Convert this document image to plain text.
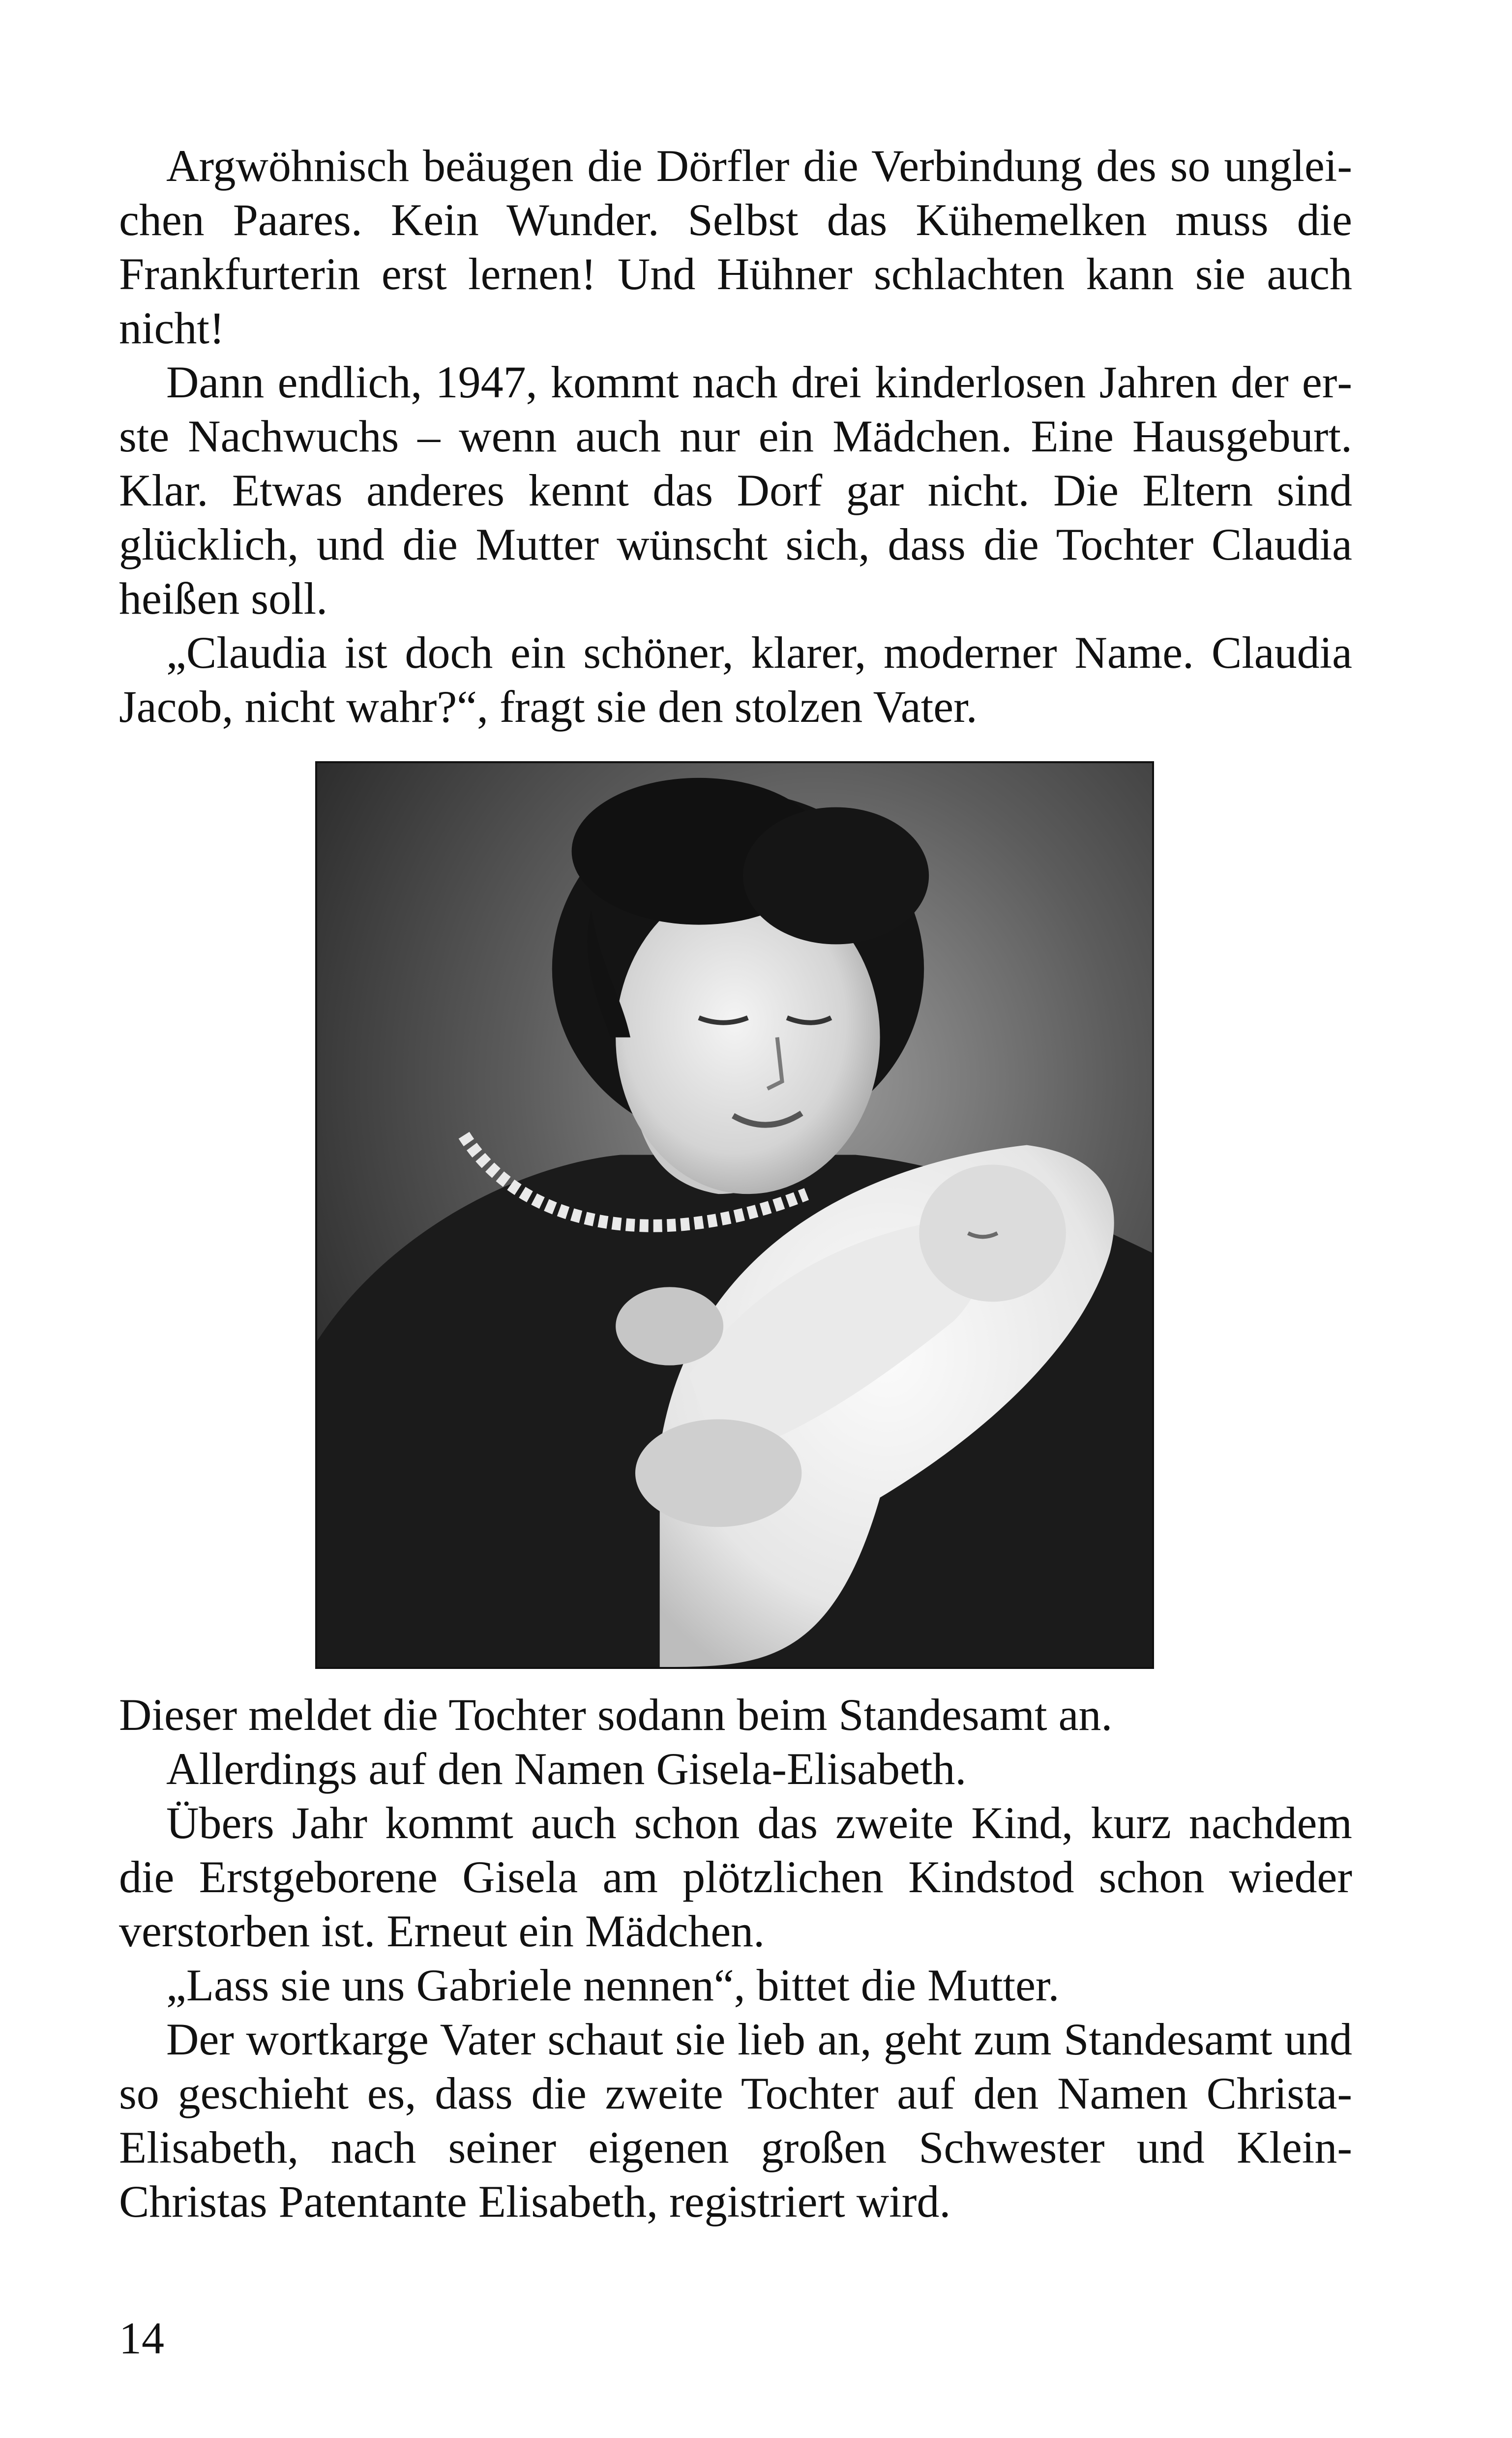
Argwöhnisch beäugen die Dörfler die Verbindung des so ungleichen Paares. Kein Wunder. Selbst das Kühemelken muss die Frankfurterin erst lernen! Und Hühner schlachten kann sie auch nicht!

Dann endlich, 1947, kommt nach drei kinderlosen Jahren der erste Nachwuchs – wenn auch nur ein Mädchen. Eine Hausgeburt. Klar. Etwas anderes kennt das Dorf gar nicht. Die Eltern sind glücklich, und die Mutter wünscht sich, dass die Tochter Claudia heißen soll.

„Claudia ist doch ein schöner, klarer, moderner Name. Claudia Jacob, nicht wahr?“, fragt sie den stolzen Vater.

Dieser meldet die Tochter sodann beim Standesamt an.

Allerdings auf den Namen Gisela-Elisabeth.

Übers Jahr kommt auch schon das zweite Kind, kurz nachdem die Erstgeborene Gisela am plötzlichen Kindstod schon wieder verstorben ist. Erneut ein Mädchen.

„Lass sie uns Gabriele nennen“, bittet die Mutter.

Der wortkarge Vater schaut sie lieb an, geht zum Standesamt und so geschieht es, dass die zweite Tochter auf den Namen Christa-Elisabeth, nach seiner eigenen großen Schwester und Klein-Christas Patentante Elisabeth, registriert wird.

14
